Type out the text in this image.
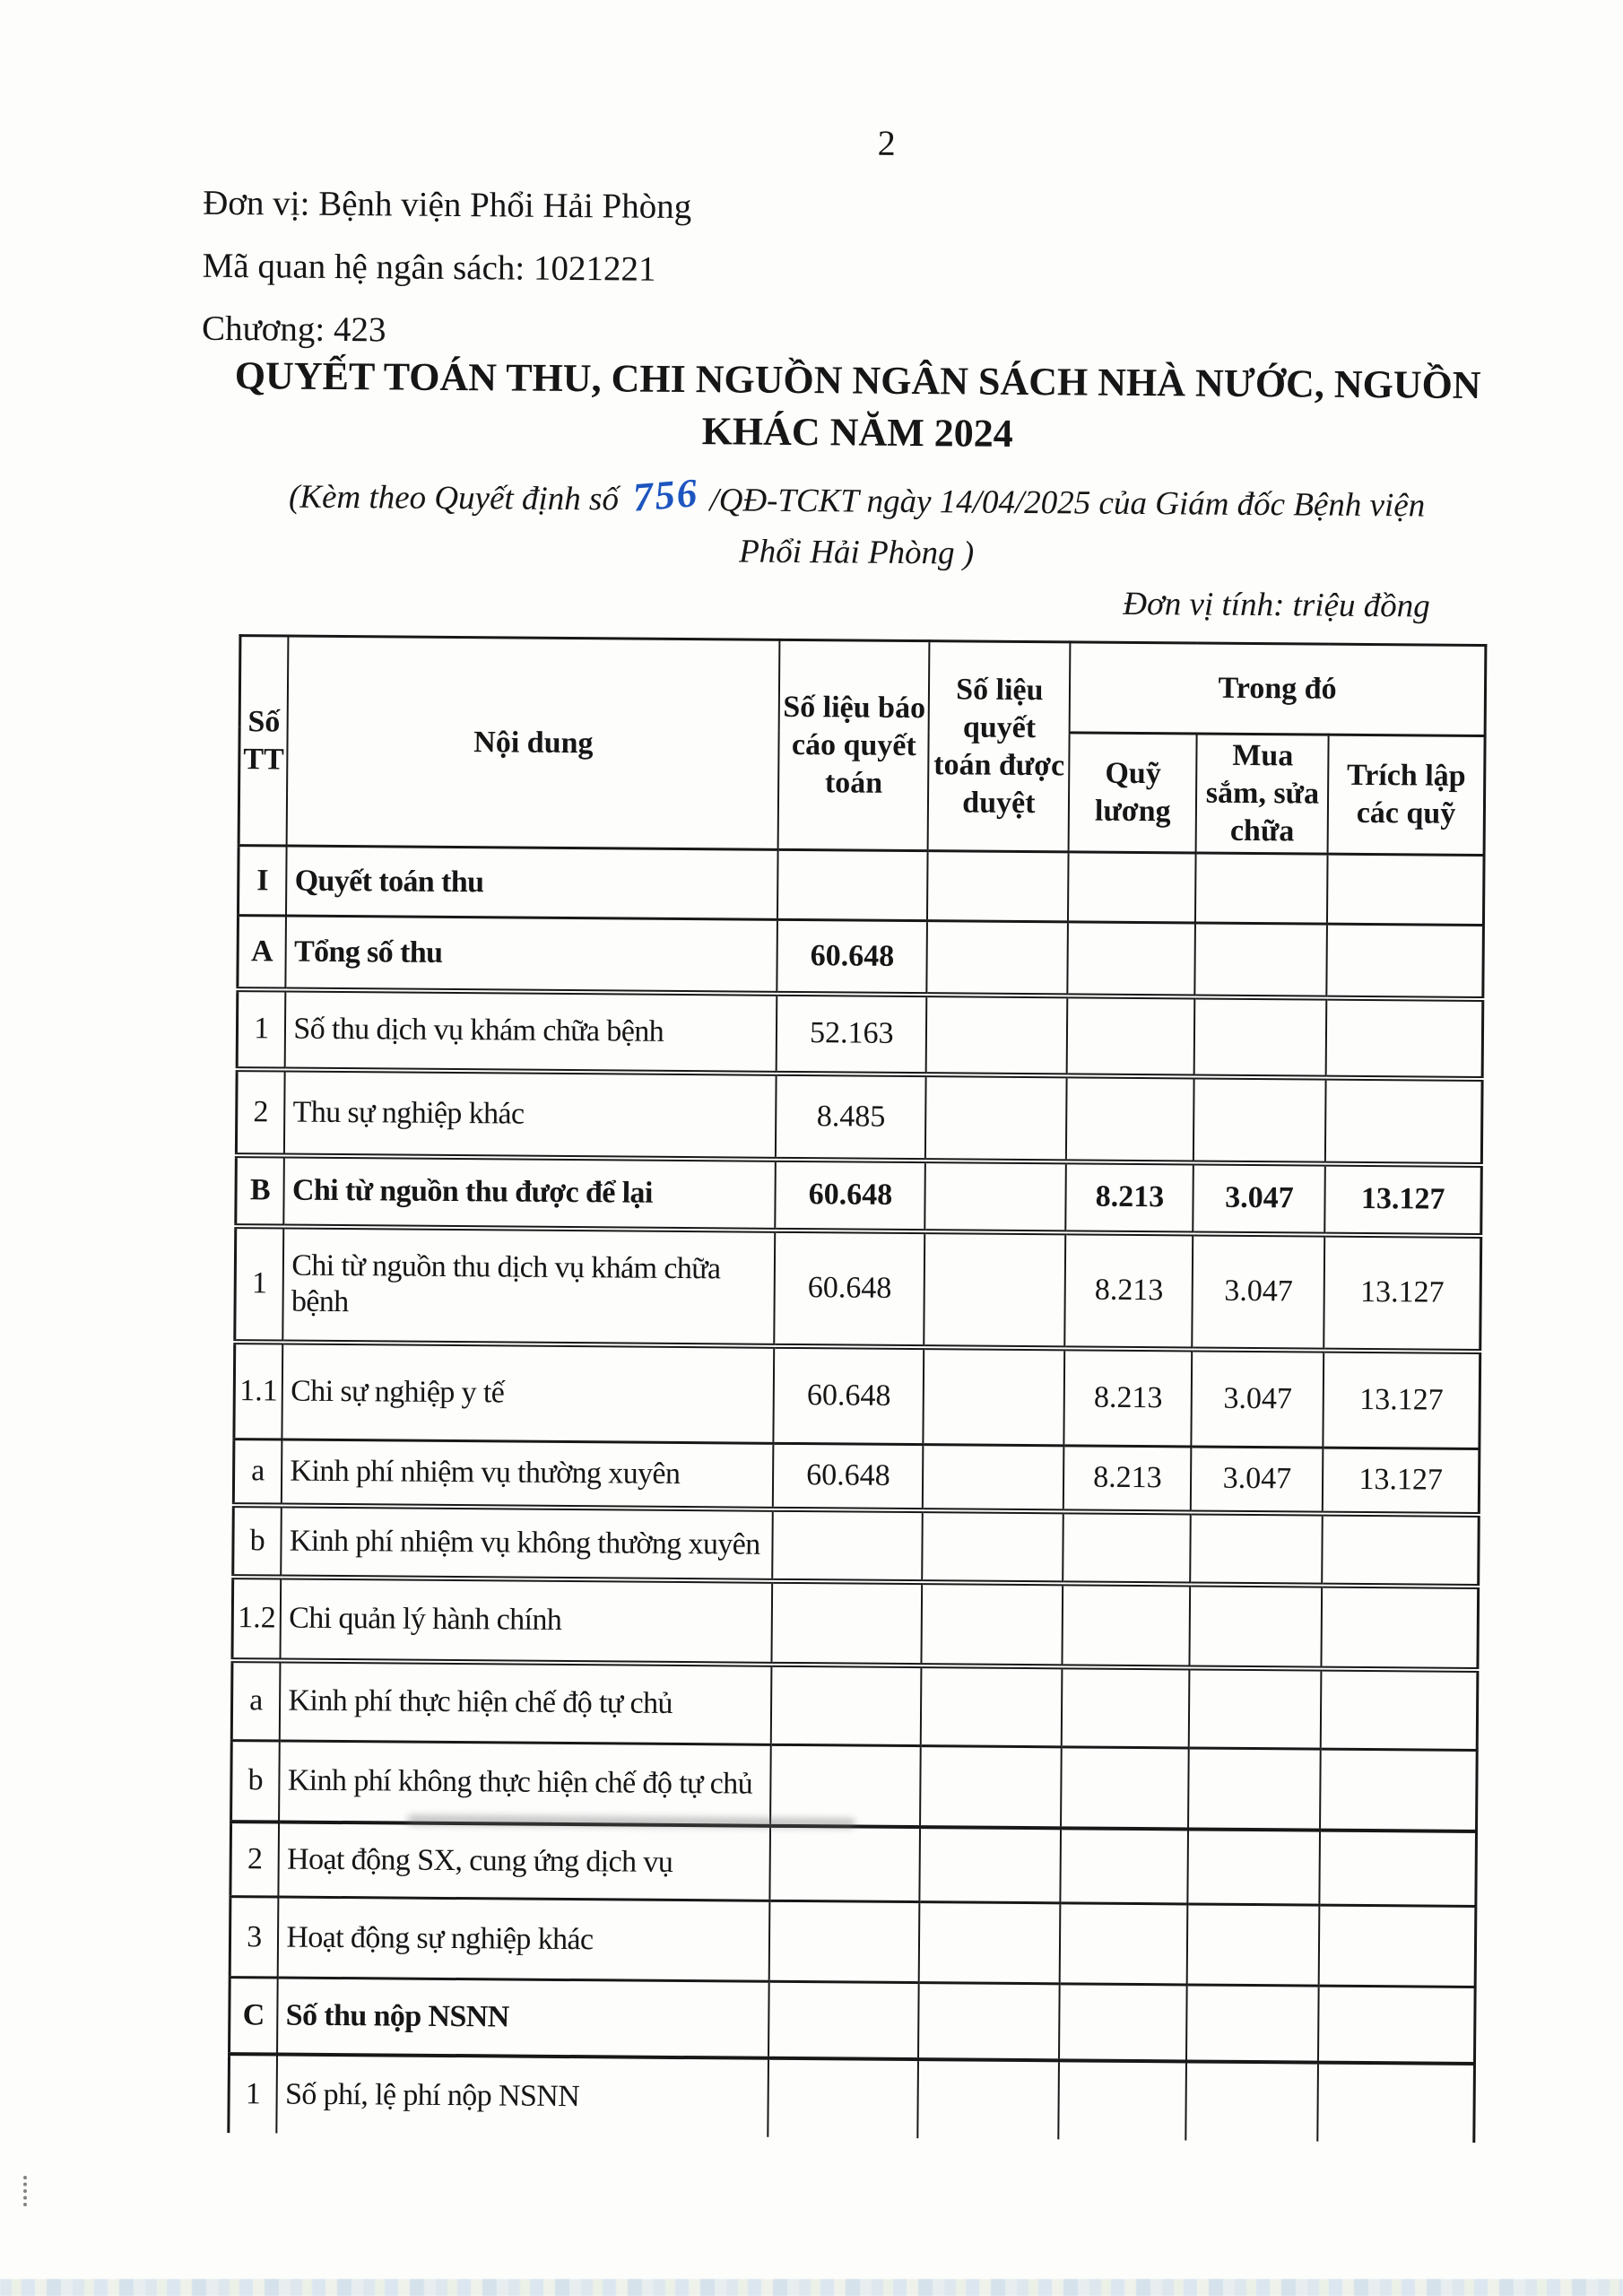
2
Đơn vị: Bệnh viện Phổi Hải Phòng
Mã quan hệ ngân sách: 1021221
Chương: 423
QUYẾT TOÁN THU, CHI NGUỒN NGÂN SÁCH NHÀ NƯỚC, NGUỒN
KHÁC NĂM 2024
(Kèm theo Quyết định số 756 /QĐ-TCKT ngày 14/04/2025 của Giám đốc Bệnh viện
Phổi Hải Phòng )
Đơn vị tính: triệu đồng
Số TT	Nội dung	Số liệu báo cáo quyết toán	Số liệu quyết toán được duyệt	Trong đó		
				Quỹ lương	Mua sắm, sửa chữa	Trích lập các quỹ
I	Quyết toán thu					
A	Tổng số thu	60.648				
1	Số thu dịch vụ khám chữa bệnh	52.163				
2	Thu sự nghiệp khác	8.485				
B	Chi từ nguồn thu được để lại	60.648		8.213	3.047	13.127
1	Chi từ nguồn thu dịch vụ khám chữa bệnh	60.648		8.213	3.047	13.127
1.1	Chi sự nghiệp y tế	60.648		8.213	3.047	13.127
a	Kinh phí nhiệm vụ thường xuyên	60.648		8.213	3.047	13.127
b	Kinh phí nhiệm vụ không thường xuyên					
1.2	Chi quản lý hành chính					
a	Kinh phí thực hiện chế độ tự chủ					
b	Kinh phí không thực hiện chế độ tự chủ					
2	Hoạt động SX, cung ứng dịch vụ					
3	Hoạt động sự nghiệp khác					
C	Số thu nộp NSNN					
1	Số phí, lệ phí nộp NSNN					
